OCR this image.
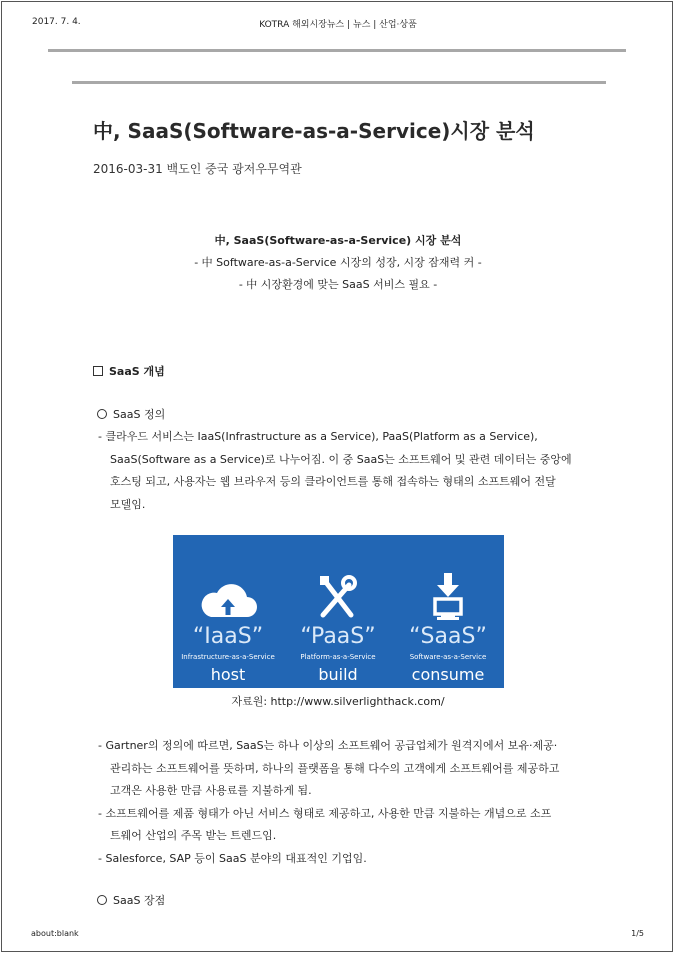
2017. 7. 4.	KOTRA 해외시장뉴스 | 뉴스 | 산업·상품
中, SaaS(Software-as-a-Service)시장 분석
2016-03-31 백도인 중국 광저우무역관
中, SaaS(Software-as-a-Service) 시장 분석
- 中 Software-as-a-Service 시장의 성장, 시장 잠재력 커 -
- 中 시장환경에 맞는 SaaS 서비스 필요 -
SaaS 개념
SaaS 정의
- 클라우드 서비스는 IaaS(Infrastructure as a Service), PaaS(Platform as a Service),
SaaS(Software as a Service)로 나누어짐. 이 중 SaaS는 소프트웨어 및 관련 데이터는 중앙에
호스팅 되고, 사용자는 웹 브라우저 등의 클라이언트를 통해 접속하는 형태의 소프트웨어 전달
모델임.
“IaaS”
Infrastructure-as-a-Service
host
“PaaS”
Platform-as-a-Service
build
“SaaS”
Software-as-a-Service
consume
자료원: http://www.silverlighthack.com/
- Gartner의 정의에 따르면, SaaS는 하나 이상의 소프트웨어 공급업체가 원격지에서 보유·제공·
관리하는 소프트웨어를 뜻하며, 하나의 플랫폼을 통해 다수의 고객에게 소프트웨어를 제공하고
고객은 사용한 만큼 사용료를 지불하게 됨.
- 소프트웨어를 제품 형태가 아닌 서비스 형태로 제공하고, 사용한 만큼 지불하는 개념으로 소프
트웨어 산업의 주목 받는 트렌드임.
- Salesforce, SAP 등이 SaaS 분야의 대표적인 기업임.
SaaS 장점
about:blank	1/5
